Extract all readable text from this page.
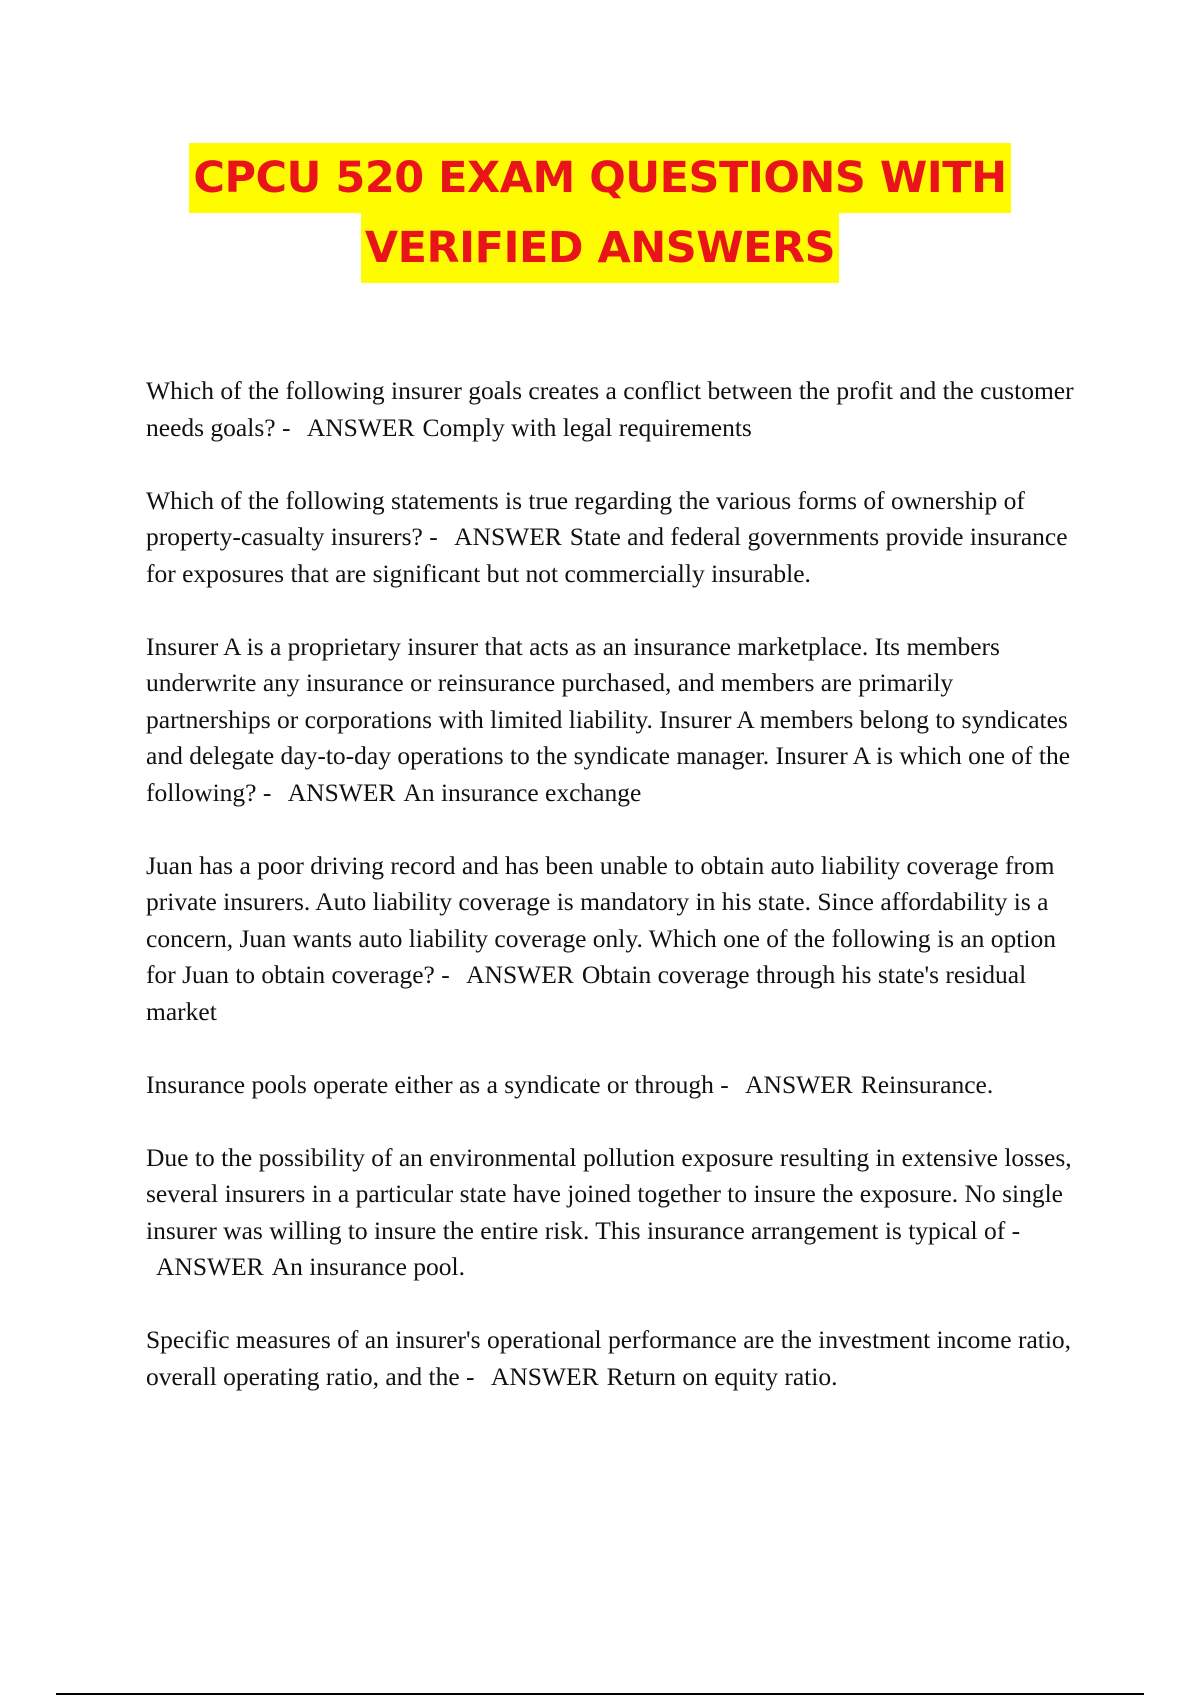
CPCU 520 EXAM QUESTIONS WITH
VERIFIED ANSWERS

Which of the following insurer goals creates a conflict between the profit and the customer needs goals? - ANSWER Comply with legal requirements

Which of the following statements is true regarding the various forms of ownership of property-casualty insurers? - ANSWER State and federal governments provide insurance for exposures that are significant but not commercially insurable.

Insurer A is a proprietary insurer that acts as an insurance marketplace. Its members underwrite any insurance or reinsurance purchased, and members are primarily partnerships or corporations with limited liability. Insurer A members belong to syndicates and delegate day-to-day operations to the syndicate manager. Insurer A is which one of the following? - ANSWER An insurance exchange

Juan has a poor driving record and has been unable to obtain auto liability coverage from private insurers. Auto liability coverage is mandatory in his state. Since affordability is a concern, Juan wants auto liability coverage only. Which one of the following is an option for Juan to obtain coverage? - ANSWER Obtain coverage through his state's residual market

Insurance pools operate either as a syndicate or through - ANSWER Reinsurance.

Due to the possibility of an environmental pollution exposure resulting in extensive losses, several insurers in a particular state have joined together to insure the exposure. No single insurer was willing to insure the entire risk. This insurance arrangement is typical of - ANSWER An insurance pool.

Specific measures of an insurer's operational performance are the investment income ratio, overall operating ratio, and the - ANSWER Return on equity ratio.
